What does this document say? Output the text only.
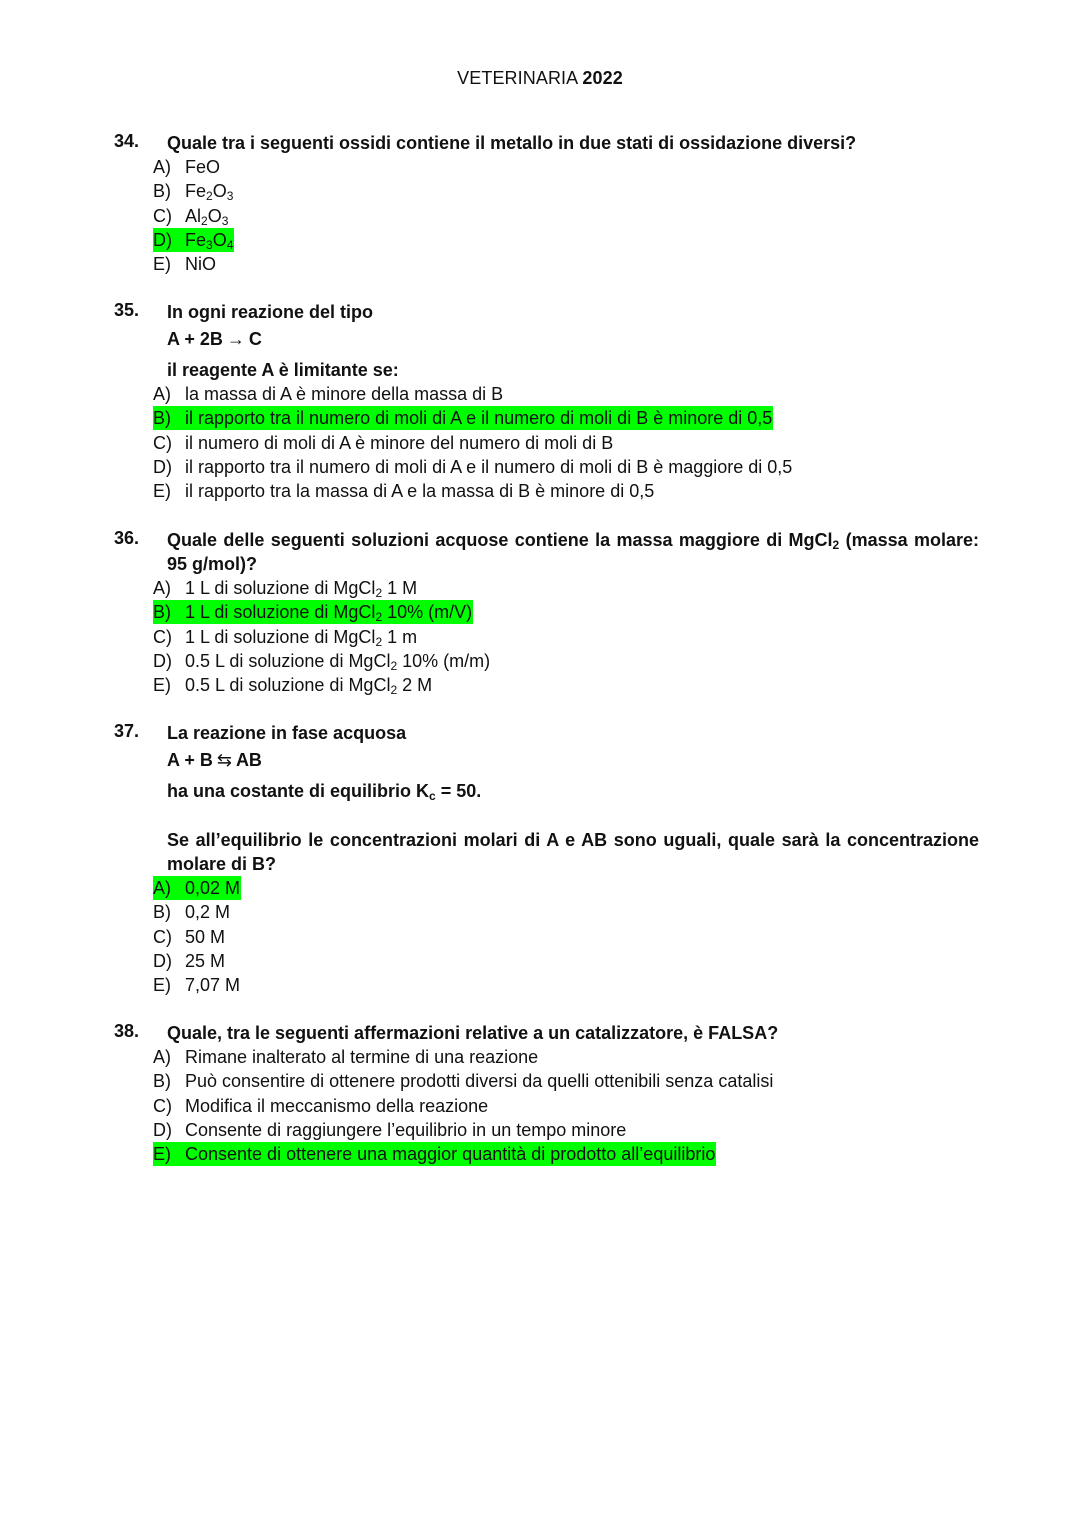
VETERINARIA 2022
34. Quale tra i seguenti ossidi contiene il metallo in due stati di ossidazione diversi?
A) FeO
B) $Fe_2O_3$
C) $Al_2O_3$
D) $Fe_3O_4$
E) NiO
35. In ogni reazione del tipo
A + 2B → C
il reagente A è limitante se:
A) la massa di A è minore della massa di B
B) il rapporto tra il numero di moli di A e il numero di moli di B è minore di 0,5
C) il numero di moli di A è minore del numero di moli di B
D) il rapporto tra il numero di moli di A e il numero di moli di B è maggiore di 0,5
E) il rapporto tra la massa di A e la massa di B è minore di 0,5
36. Quale delle seguenti soluzioni acquose contiene la massa maggiore di MgCl$_2$ (massa molare: 95 g/mol)?
A) 1 L di soluzione di MgCl$_2$ 1 M
B) 1 L di soluzione di MgCl$_2$ 10% (m/V)
C) 1 L di soluzione di MgCl$_2$ 1 m
D) 0.5 L di soluzione di MgCl$_2$ 10% (m/m)
E) 0.5 L di soluzione di MgCl$_2$ 2 M
37. La reazione in fase acquosa
A + B ⇆ AB
ha una costante di equilibrio $K_c = 50$.
Se all’equilibrio le concentrazioni molari di A e AB sono uguali, quale sarà la concentrazione molare di B?
A) 0,02 M
B) 0,2 M
C) 50 M
D) 25 M
E) 7,07 M
38. Quale, tra le seguenti affermazioni relative a un catalizzatore, è FALSA?
A) Rimane inalterato al termine di una reazione
B) Può consentire di ottenere prodotti diversi da quelli ottenibili senza catalisi
C) Modifica il meccanismo della reazione
D) Consente di raggiungere l’equilibrio in un tempo minore
E) Consente di ottenere una maggior quantità di prodotto all’equilibrio
